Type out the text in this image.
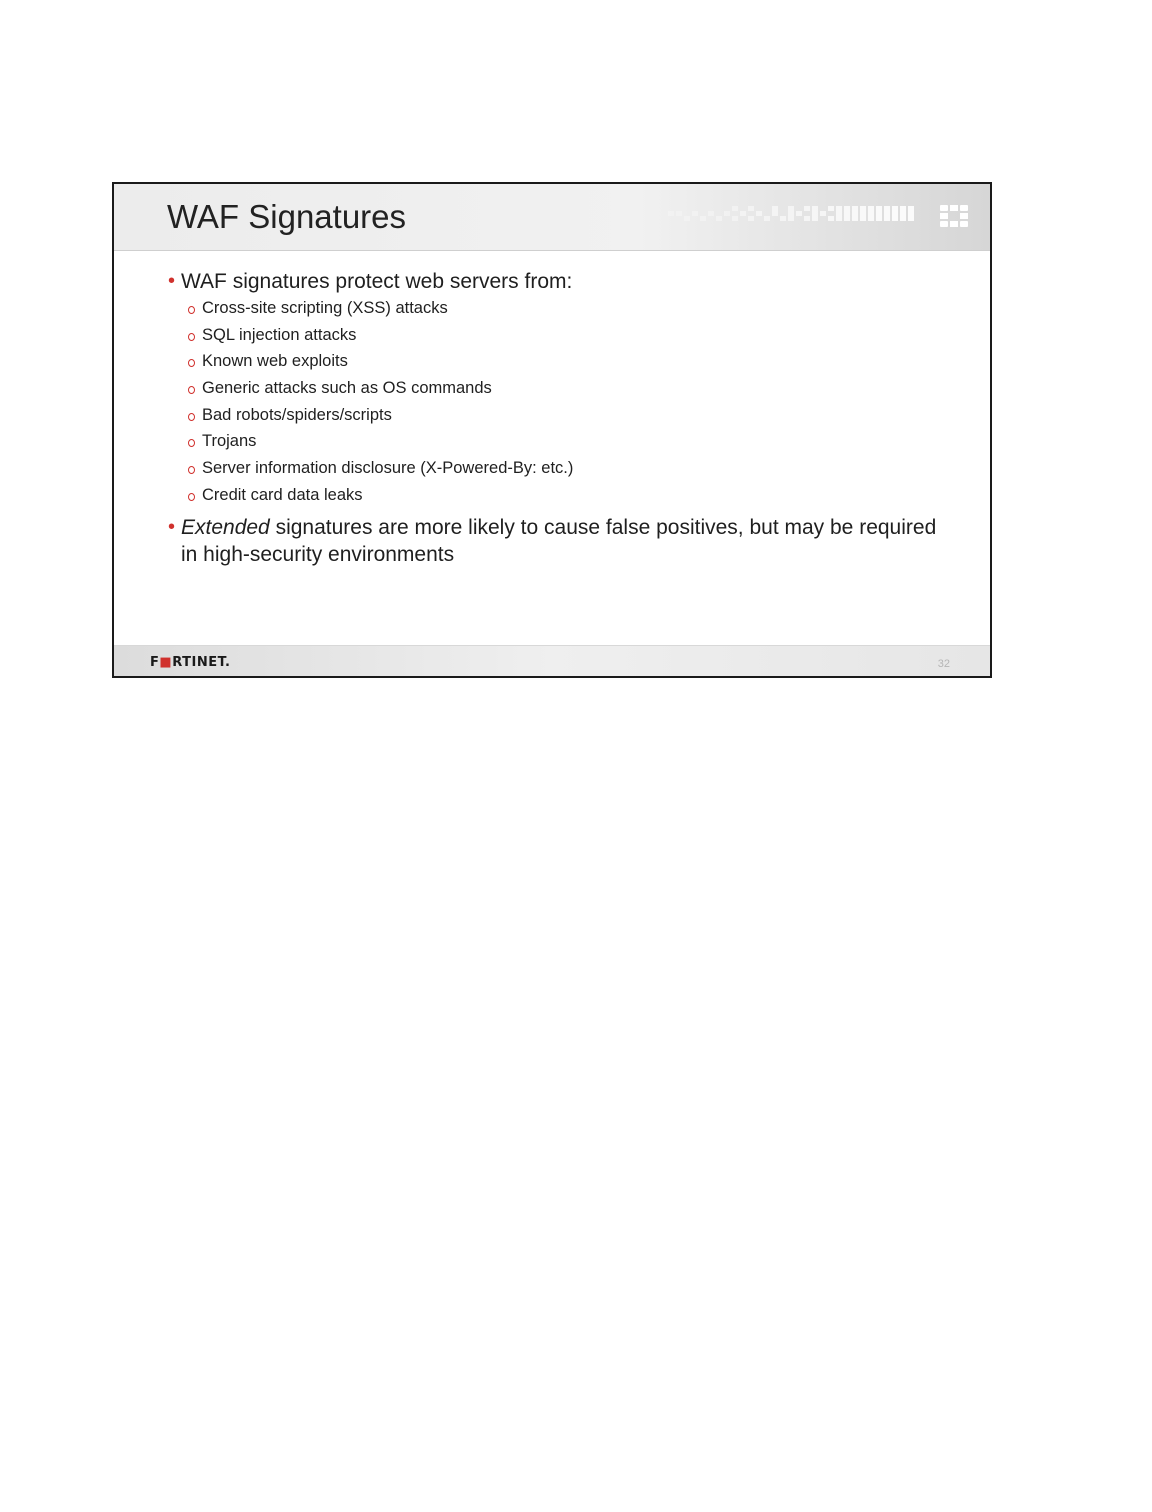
WAF Signatures
• WAF signatures protect web servers from:
Cross-site scripting (XSS) attacks
SQL injection attacks
Known web exploits
Generic attacks such as OS commands
Bad robots/spiders/scripts
Trojans
Server information disclosure (X-Powered-By: etc.)
Credit card data leaks
• Extended signatures are more likely to cause false positives, but may be required in high-security environments
F■RTINET.	32
